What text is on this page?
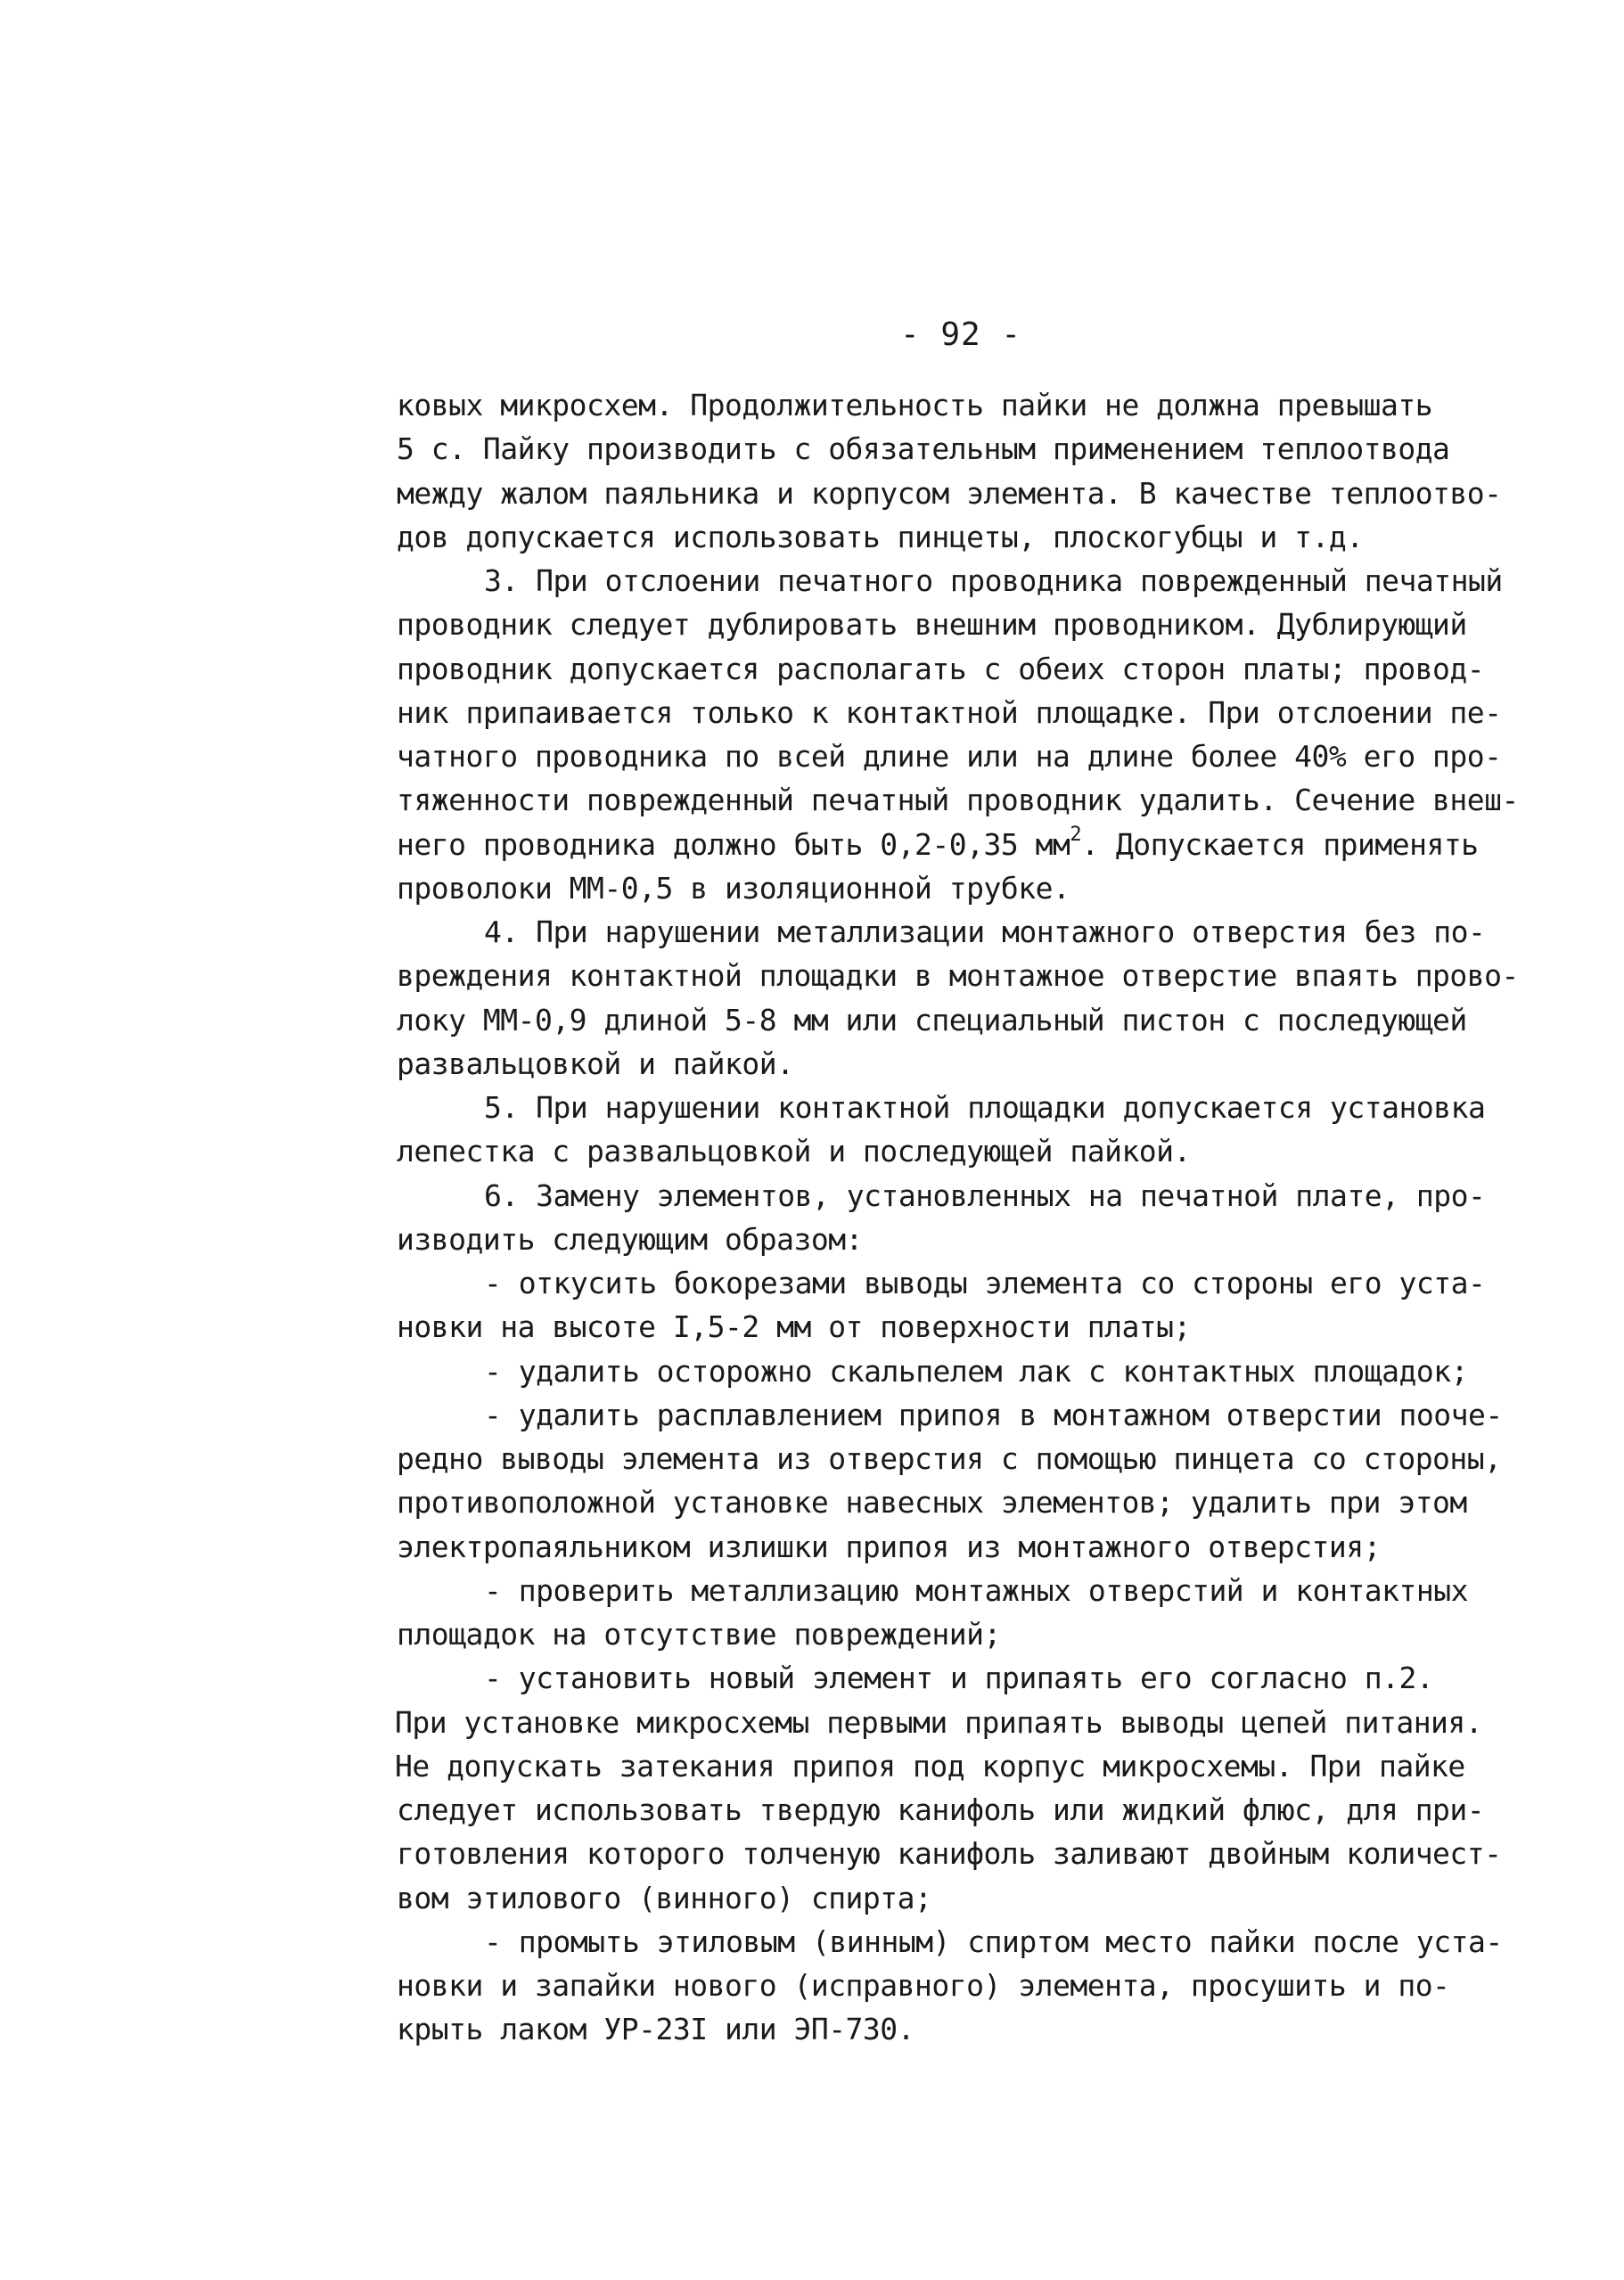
- 92 -
ковых микросхем. Продолжительность пайки не должна превышать
5 с. Пайку производить с обязательным применением теплоотвода
между жалом паяльника и корпусом элемента. В качестве теплоотво-
дов допускается использовать пинцеты, плоскогубцы и т.д.
3. При отслоении печатного проводника поврежденный печатный
проводник следует дублировать внешним проводником. Дублирующий
проводник допускается располагать с обеих сторон платы; провод-
ник припаивается только к контактной площадке. При отслоении пе-
чатного проводника по всей длине или на длине более 40% его про-
тяженности поврежденный печатный проводник удалить. Сечение внеш-
него проводника должно быть 0,2-0,35 $мм^2$. Допускается применять
проволоки ММ-0,5 в изоляционной трубке.
4. При нарушении металлизации монтажного отверстия без по-
вреждения контактной площадки в монтажное отверстие впаять прово-
локу ММ-0,9 длиной 5-8 мм или специальный пистон с последующей
развальцовкой и пайкой.
5. При нарушении контактной площадки допускается установка
лепестка с развальцовкой и последующей пайкой.
6. Замену элементов, установленных на печатной плате, про-
изводить следующим образом:
- откусить бокорезами выводы элемента со стороны его уста-
новки на высоте I,5-2 мм от поверхности платы;
- удалить осторожно скальпелем лак с контактных площадок;
- удалить расплавлением припоя в монтажном отверстии поочe-
редно выводы элемента из отверстия с помощью пинцета со стороны,
противоположной установке навесных элементов; удалить при этом
электропаяльником излишки припоя из монтажного отверстия;
- проверить металлизацию монтажных отверстий и контактных
площадок на отсутствие повреждений;
- установить новый элемент и припаять его согласно п.2.
При установке микросхемы первыми припаять выводы цепей питания.
Не допускать затекания припоя под корпус микросхемы. При пайке
следует использовать твердую канифоль или жидкий флюс, для при-
готовления которого толченую канифоль заливают двойным количест-
вом этилового (винного) спирта;
- промыть этиловым (винным) спиртом место пайки после уста-
новки и запайки нового (исправного) элемента, просушить и по-
крыть лаком УР-23I или ЭП-730.
